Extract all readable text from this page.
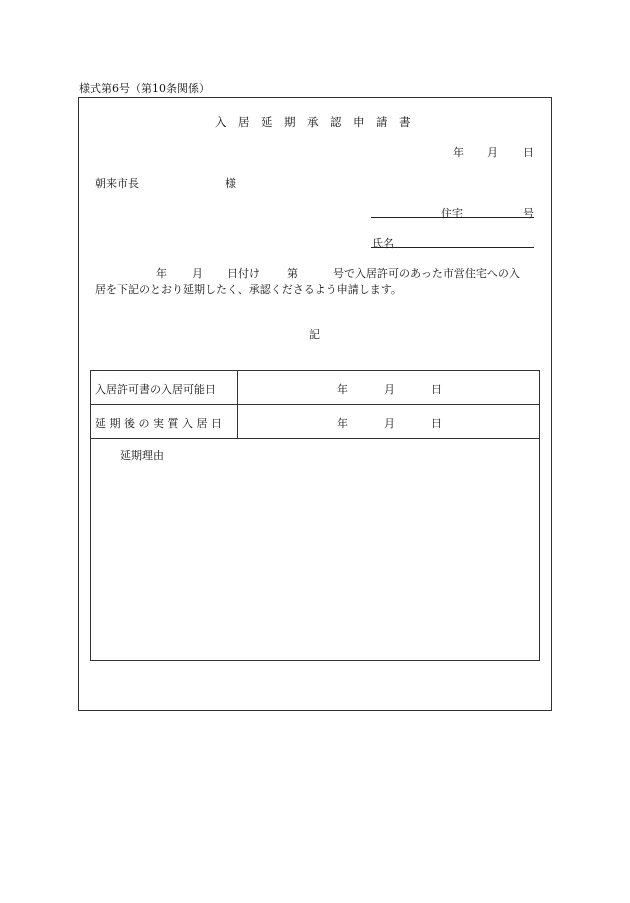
様式第6号（第10条関係）
入　居　延　期　承　認　申　請　書
年 月 日
朝来市長	様
住宅	号
氏名
年 月 日付け 第	号で入居許可のあった市営住宅への入
居を下記のとおり延期したく、承認くださるよう申請します。
記
入居許可書の入居可能日	年	月	日
延 期 後 の 実 質 入 居 日	年	月	日
延期理由
